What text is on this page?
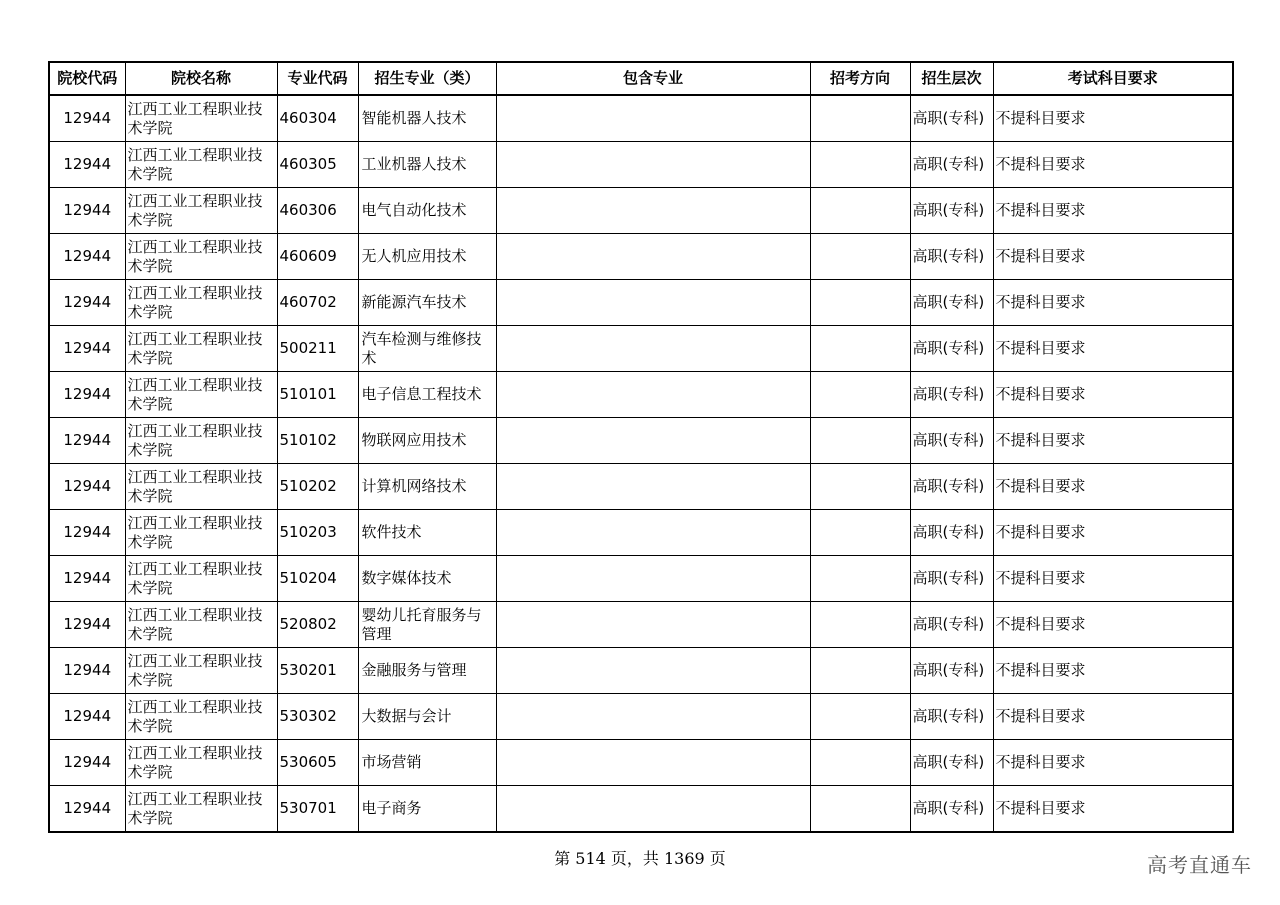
院校代码	院校名称	专业代码	招生专业（类）	包含专业	招考方向	招生层次	考试科目要求
12944	江西工业工程职业技术学院	460304	智能机器人技术			高职(专科)	不提科目要求
12944	江西工业工程职业技术学院	460305	工业机器人技术			高职(专科)	不提科目要求
12944	江西工业工程职业技术学院	460306	电气自动化技术			高职(专科)	不提科目要求
12944	江西工业工程职业技术学院	460609	无人机应用技术			高职(专科)	不提科目要求
12944	江西工业工程职业技术学院	460702	新能源汽车技术			高职(专科)	不提科目要求
12944	江西工业工程职业技术学院	500211	汽车检测与维修技术			高职(专科)	不提科目要求
12944	江西工业工程职业技术学院	510101	电子信息工程技术			高职(专科)	不提科目要求
12944	江西工业工程职业技术学院	510102	物联网应用技术			高职(专科)	不提科目要求
12944	江西工业工程职业技术学院	510202	计算机网络技术			高职(专科)	不提科目要求
12944	江西工业工程职业技术学院	510203	软件技术			高职(专科)	不提科目要求
12944	江西工业工程职业技术学院	510204	数字媒体技术			高职(专科)	不提科目要求
12944	江西工业工程职业技术学院	520802	婴幼儿托育服务与管理			高职(专科)	不提科目要求
12944	江西工业工程职业技术学院	530201	金融服务与管理			高职(专科)	不提科目要求
12944	江西工业工程职业技术学院	530302	大数据与会计			高职(专科)	不提科目要求
12944	江西工业工程职业技术学院	530605	市场营销			高职(专科)	不提科目要求
12944	江西工业工程职业技术学院	530701	电子商务			高职(专科)	不提科目要求
第 514 页，共 1369 页	高考直通车
